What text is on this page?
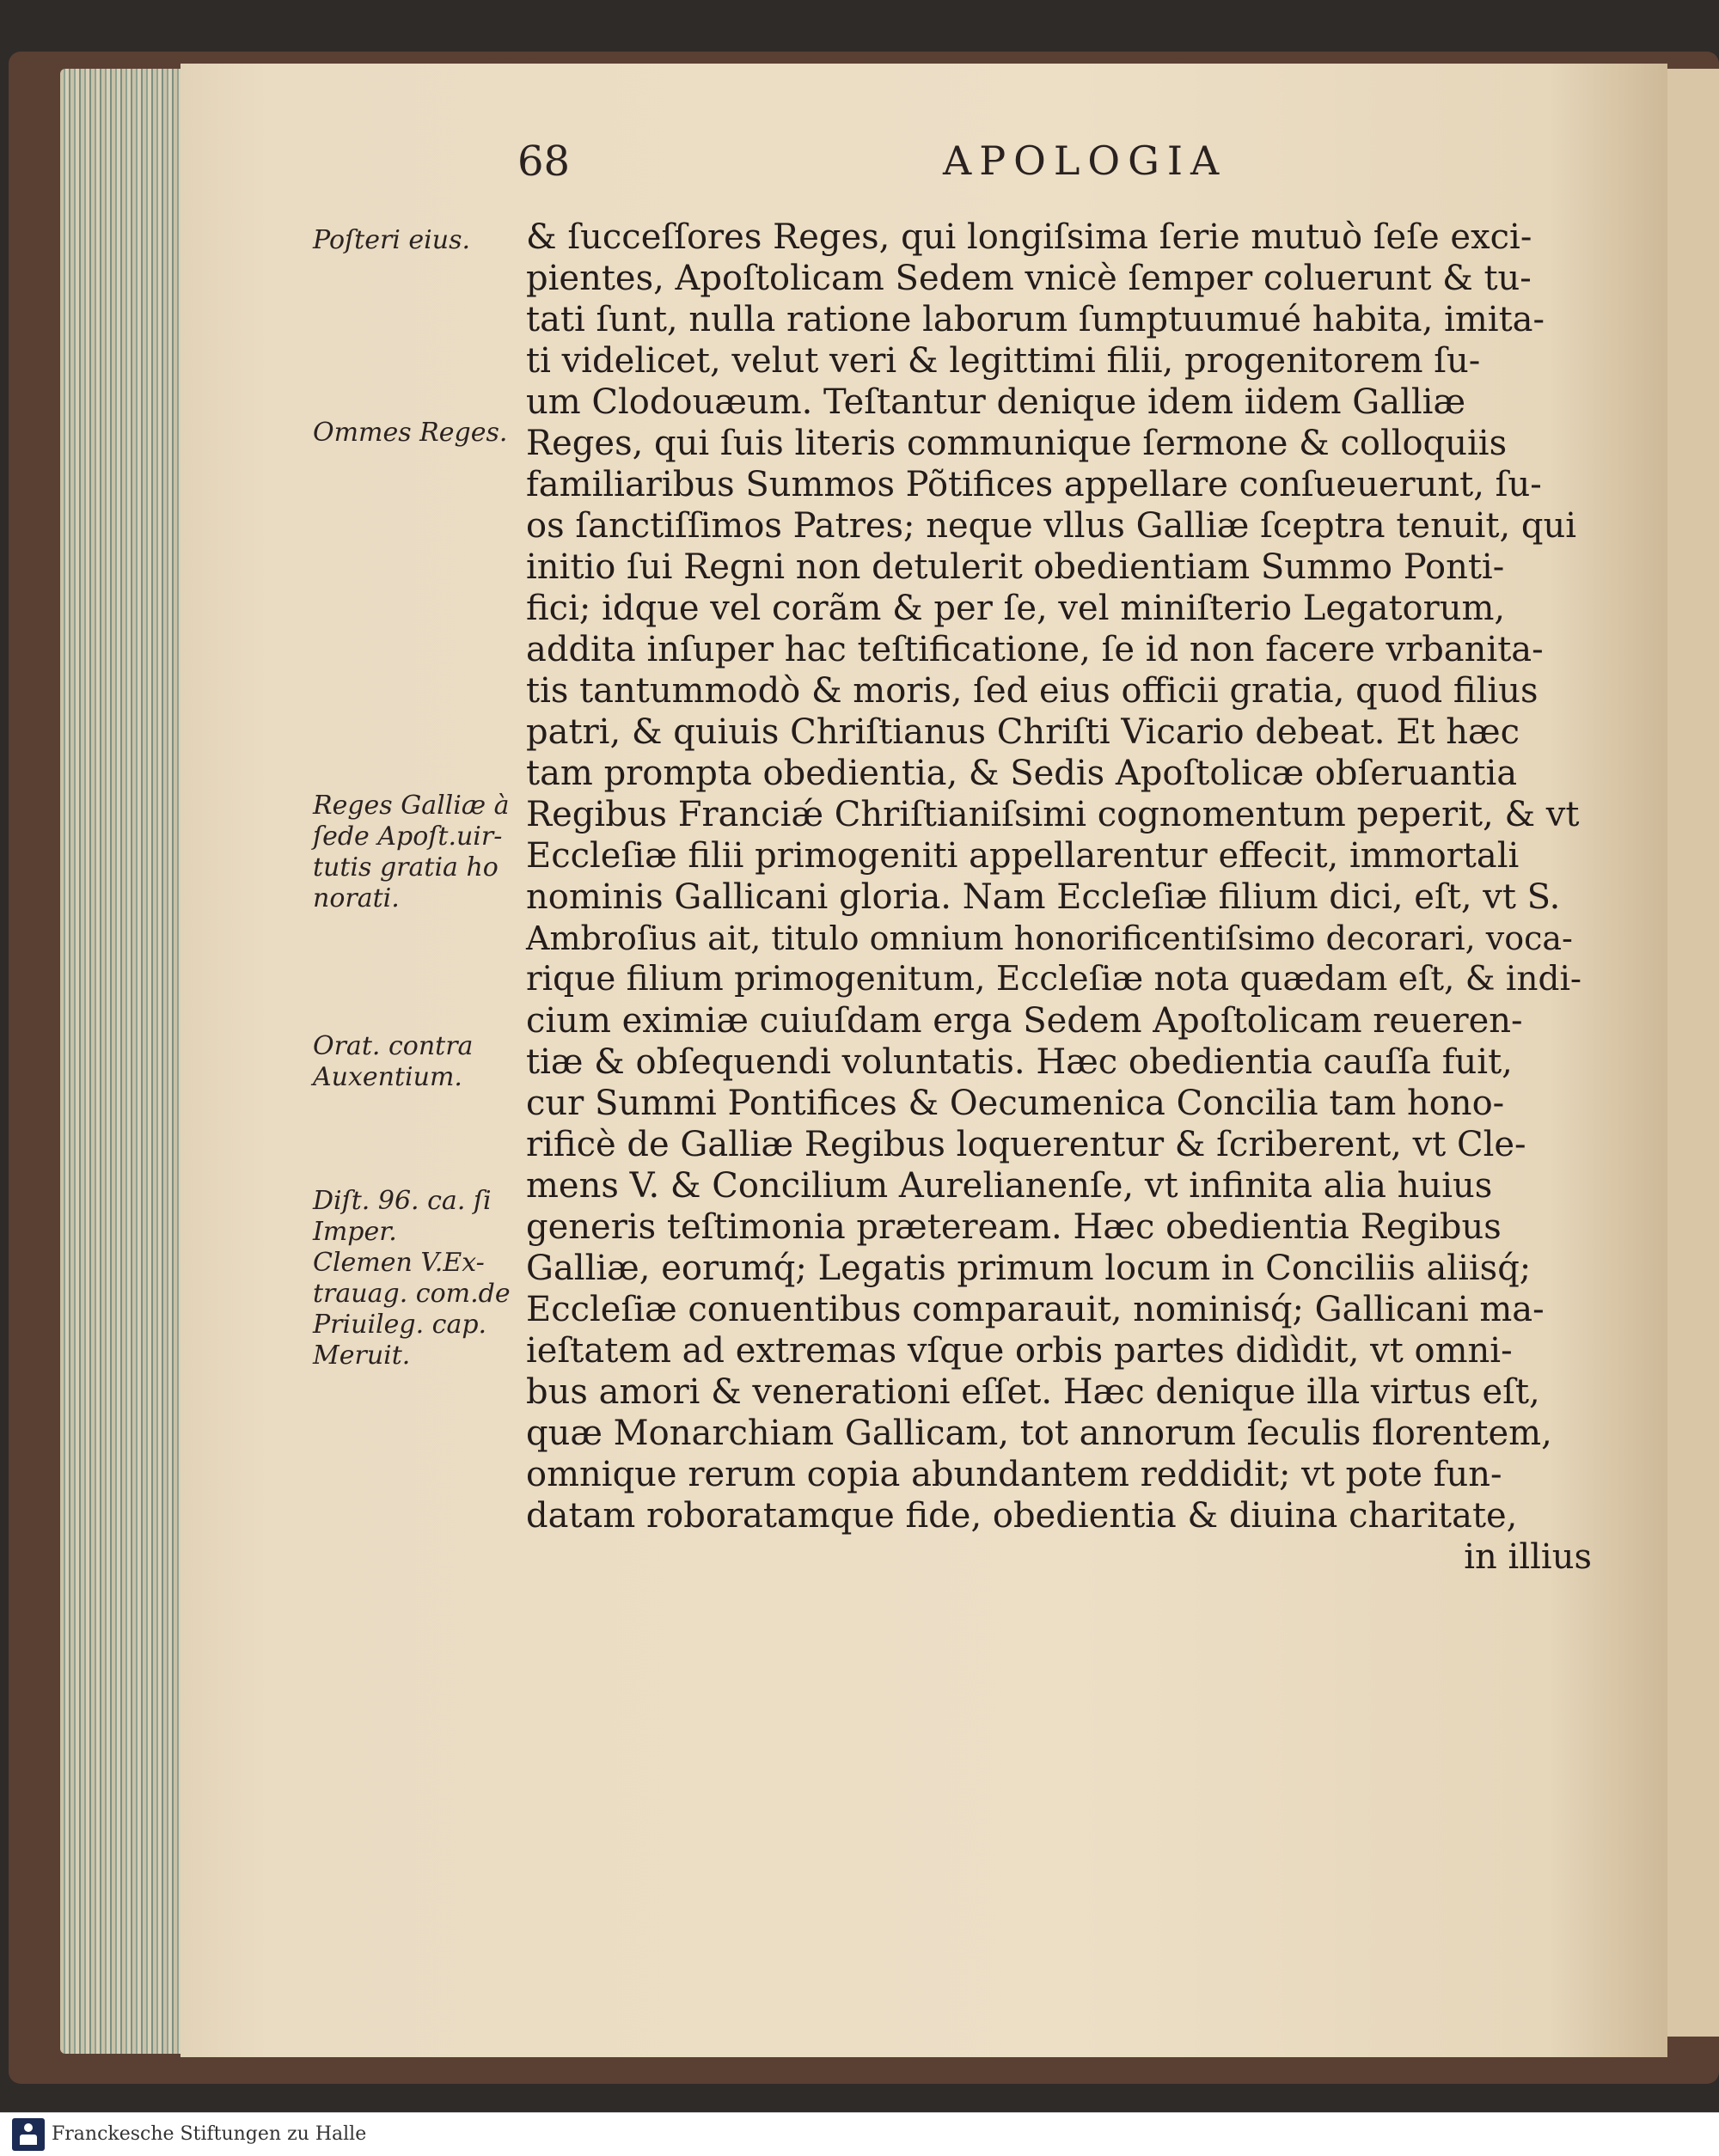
68	APOLOGIA
Poſteri eius.
Ommes Reges.
Reges Galliæ à
ſede Apoſt.uir-
tutis gratia ho
norati.
Orat. contra
Auxentium.
Diſt. 96. ca. ſi
Imper.
Clemen V.Ex-
trauag. com.de
Priuileg. cap.
Meruit.
& ſucceſſores Reges, qui longiſsima ſerie mutuò ſeſe exci-
pientes, Apoſtolicam Sedem vnicè ſemper coluerunt & tu-
tati ſunt, nulla ratione laborum ſumptuumué habita, imita-
ti videlicet, velut veri & legittimi filii, progenitorem ſu-
um Clodouæum. Teſtantur denique idem iidem Galliæ
Reges, qui ſuis literis communique ſermone & colloquiis
familiaribus Summos Põtifices appellare conſueuerunt, ſu-
os ſanctiſſimos Patres; neque vllus Galliæ ſceptra tenuit, qui
initio ſui Regni non detulerit obedientiam Summo Ponti-
fici; idque vel corãm & per ſe, vel miniſterio Legatorum,
addita inſuper hac teſtificatione, ſe id non facere vrbanita-
tis tantummodò & moris, ſed eius officii gratia, quod filius
patri, & quiuis Chriſtianus Chriſti Vicario debeat. Et hæc
tam prompta obedientia, & Sedis Apoſtolicæ obſeruantia
Regibus Franciǽ Chriſtianiſsimi cognomentum peperit, & vt
Eccleſiæ filii primogeniti appellarentur effecit, immortali
nominis Gallicani gloria. Nam Eccleſiæ filium dici, eſt, vt S.
Ambroſius ait, titulo omnium honorificentiſsimo decorari, voca-
rique filium primogenitum, Eccleſiæ nota quædam eſt, & indi-
cium eximiæ cuiuſdam erga Sedem Apoſtolicam reueren-
tiæ & obſequendi voluntatis. Hæc obedientia cauſſa fuit,
cur Summi Pontifices & Oecumenica Concilia tam hono-
rificè de Galliæ Regibus loquerentur & ſcriberent, vt Cle-
mens V. & Concilium Aurelianenſe, vt infinita alia huius
generis teſtimonia præteream. Hæc obedientia Regibus
Galliæ, eorumq́; Legatis primum locum in Conciliis aliisq́;
Eccleſiæ conuentibus comparauit, nominisq́; Gallicani ma-
ieſtatem ad extremas vſque orbis partes didìdit, vt omni-
bus amori & venerationi eſſet. Hæc denique illa virtus eſt,
quæ Monarchiam Gallicam, tot annorum ſeculis florentem,
omnique rerum copia abundantem reddidit; vt pote fun-
datam roboratamque fide, obedientia & diuina charitate,
in illius
Franckesche Stiftungen zu Halle
